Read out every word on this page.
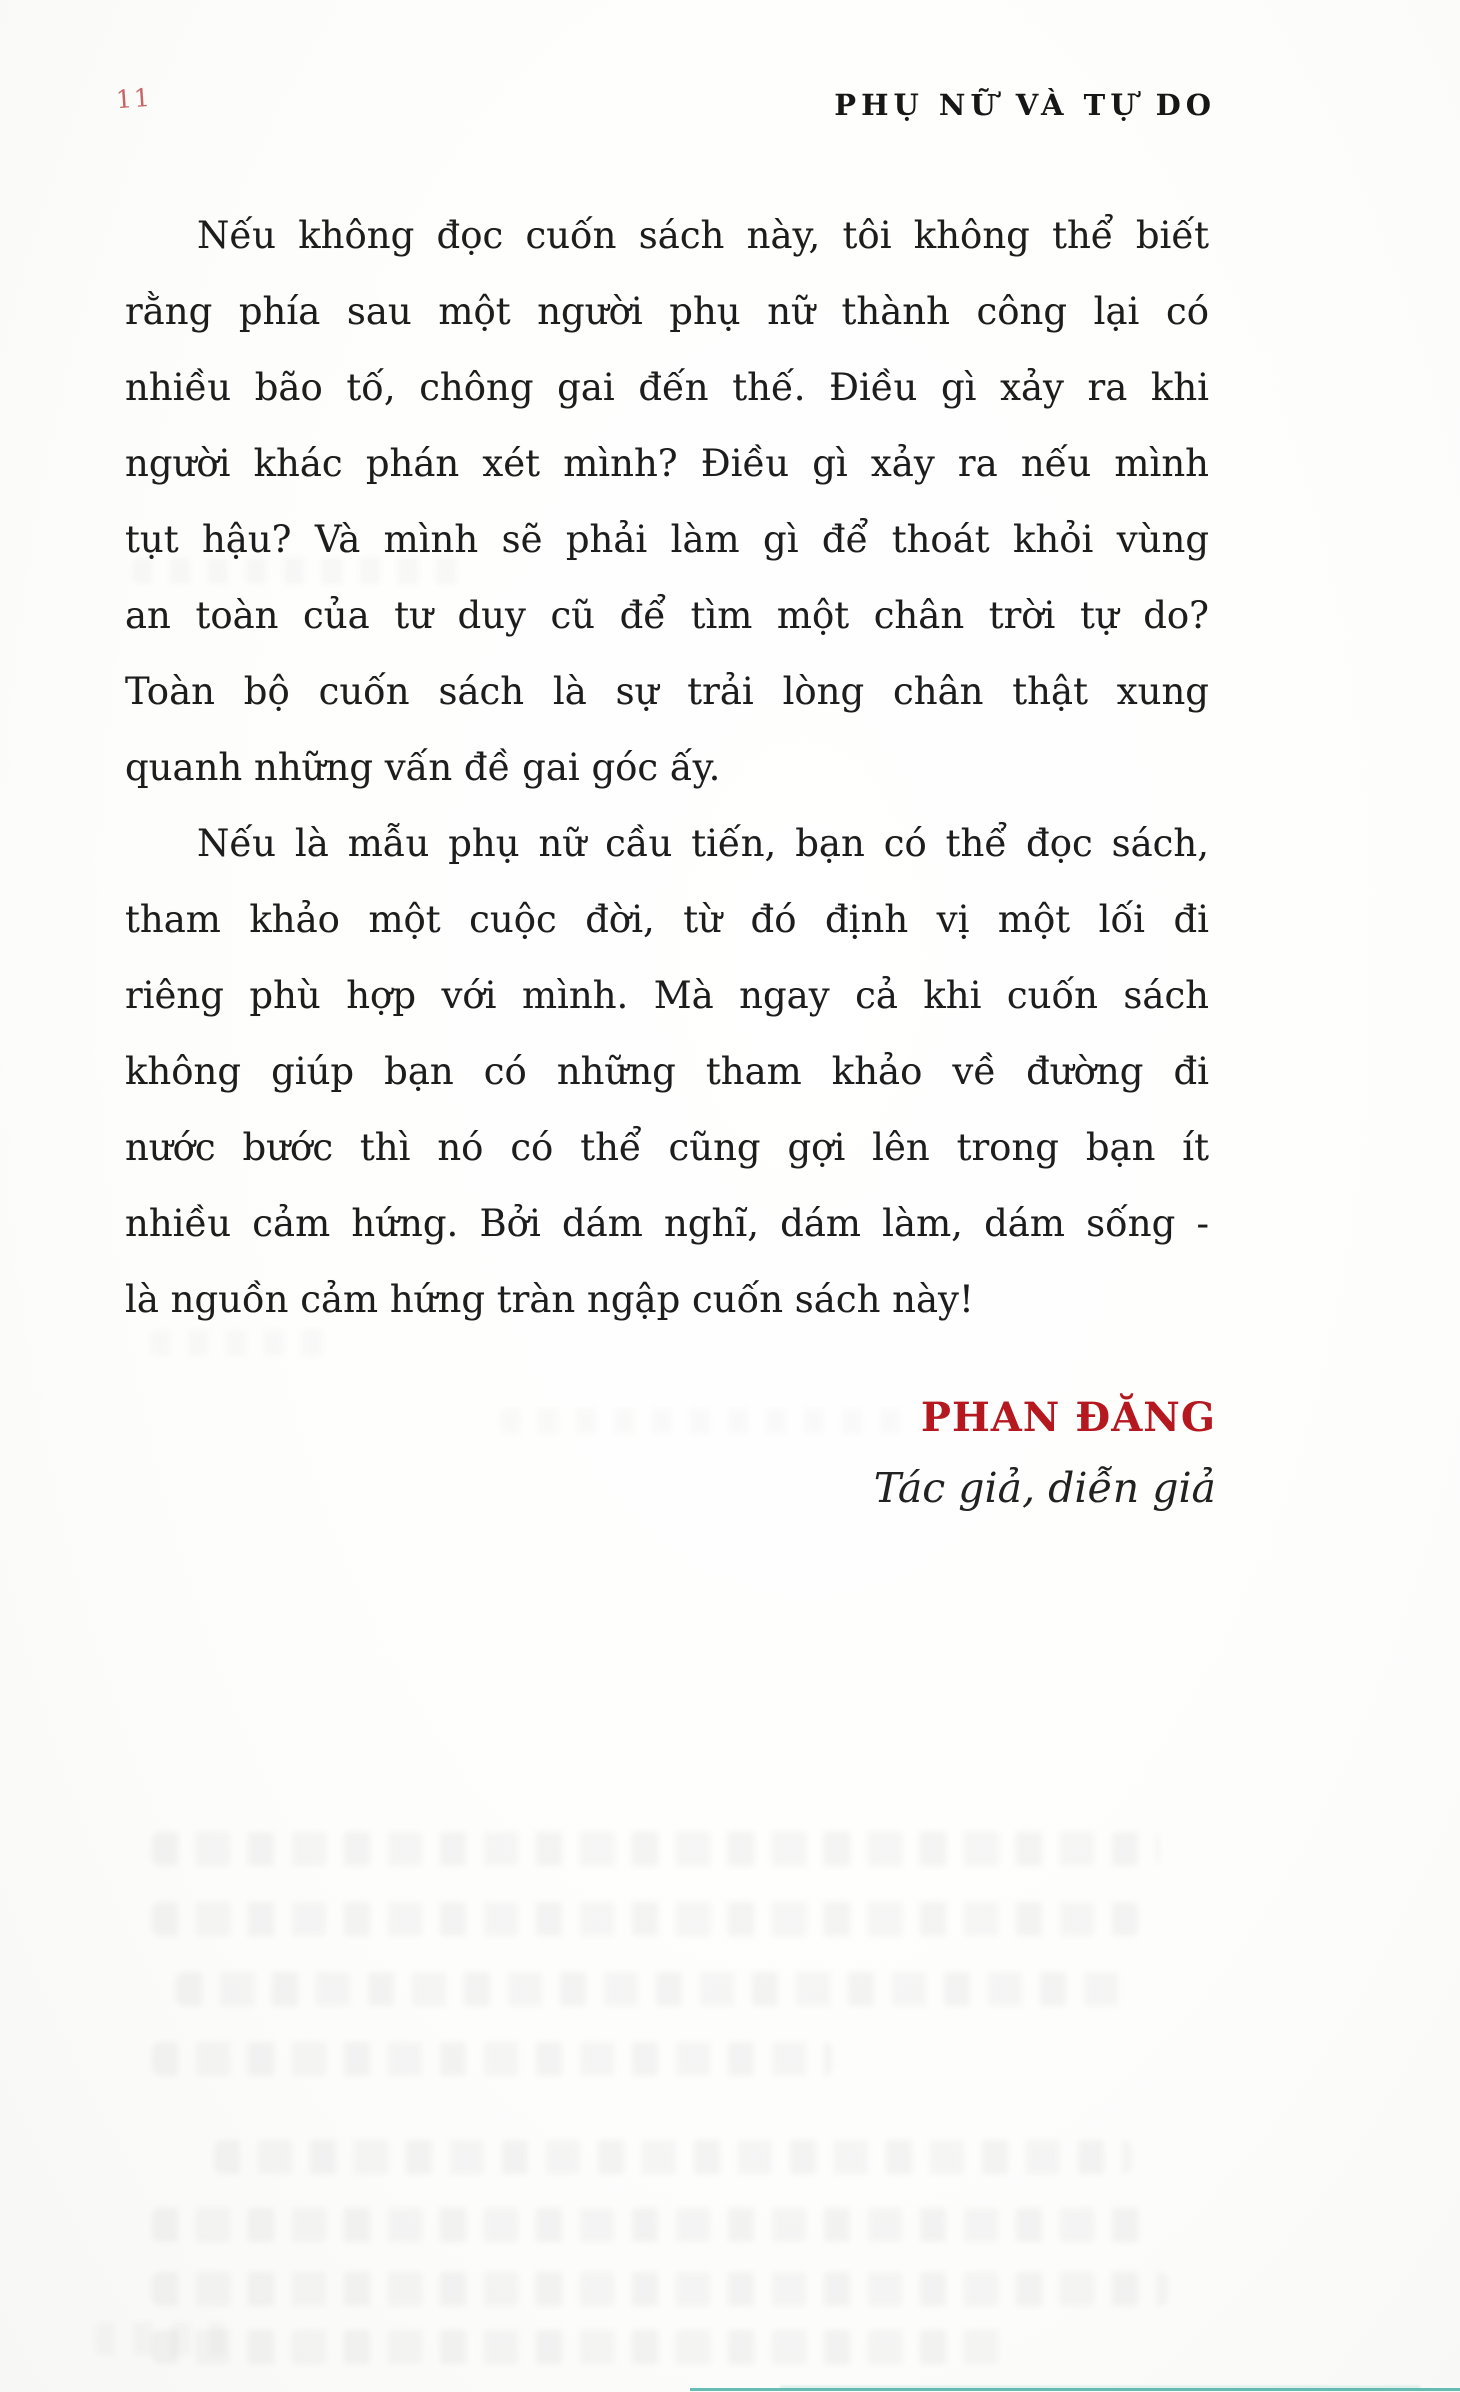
11	PHỤ NỮ VÀ TỰ DO
Nếu không đọc cuốn sách này, tôi không thể biết
rằng phía sau một người phụ nữ thành công lại có
nhiều bão tố, chông gai đến thế. Điều gì xảy ra khi
người khác phán xét mình? Điều gì xảy ra nếu mình
tụt hậu? Và mình sẽ phải làm gì để thoát khỏi vùng
an toàn của tư duy cũ để tìm một chân trời tự do?
Toàn bộ cuốn sách là sự trải lòng chân thật xung
quanh những vấn đề gai góc ấy.
Nếu là mẫu phụ nữ cầu tiến, bạn có thể đọc sách,
tham khảo một cuộc đời, từ đó định vị một lối đi
riêng phù hợp với mình. Mà ngay cả khi cuốn sách
không giúp bạn có những tham khảo về đường đi
nước bước thì nó có thể cũng gợi lên trong bạn ít
nhiều cảm hứng. Bởi dám nghĩ, dám làm, dám sống -
là nguồn cảm hứng tràn ngập cuốn sách này!
PHAN ĐĂNG
Tác giả, diễn giả
